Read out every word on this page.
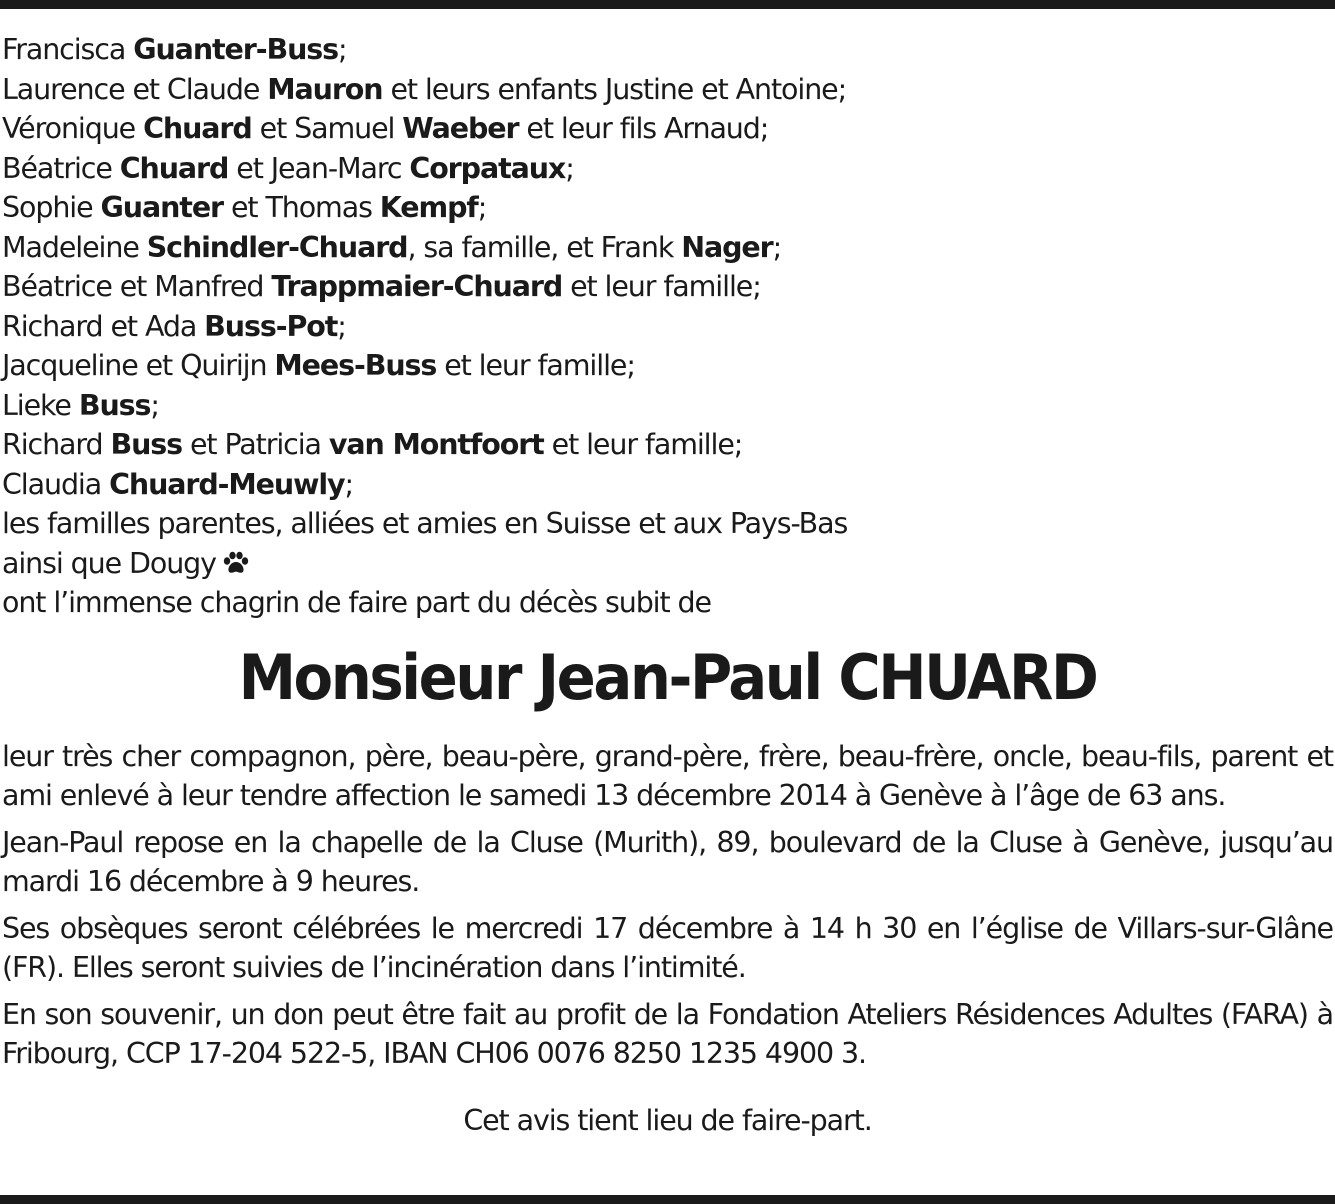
Francisca Guanter-Buss;
Laurence et Claude Mauron et leurs enfants Justine et Antoine;
Véronique Chuard et Samuel Waeber et leur fils Arnaud;
Béatrice Chuard et Jean-Marc Corpataux;
Sophie Guanter et Thomas Kempf;
Madeleine Schindler-Chuard, sa famille, et Frank Nager;
Béatrice et Manfred Trappmaier-Chuard et leur famille;
Richard et Ada Buss-Pot;
Jacqueline et Quirijn Mees-Buss et leur famille;
Lieke Buss;
Richard Buss et Patricia van Montfoort et leur famille;
Claudia Chuard-Meuwly;
les familles parentes, alliées et amies en Suisse et aux Pays-Bas
ainsi que Dougy
ont l’immense chagrin de faire part du décès subit de
Monsieur Jean-Paul CHUARD

leur très cher compagnon, père, beau-père, grand-père, frère, beau-frère, oncle, beau-fils, parent et ami enlevé à leur tendre affection le samedi 13 décembre 2014 à Genève à l’âge de 63 ans.

Jean-Paul repose en la chapelle de la Cluse (Murith), 89, boulevard de la Cluse à Genève, jusqu’au mardi 16 décembre à 9 heures.

Ses obsèques seront célébrées le mercredi 17 décembre à 14 h 30 en l’église de Villars-sur-Glâne (FR). Elles seront suivies de l’incinération dans l’intimité.

En son souvenir, un don peut être fait au profit de la Fondation Ateliers Résidences Adultes (FARA) à Fribourg, CCP 17-204 522-5, IBAN CH06 0076 8250 1235 4900 3.

Cet avis tient lieu de faire-part.
